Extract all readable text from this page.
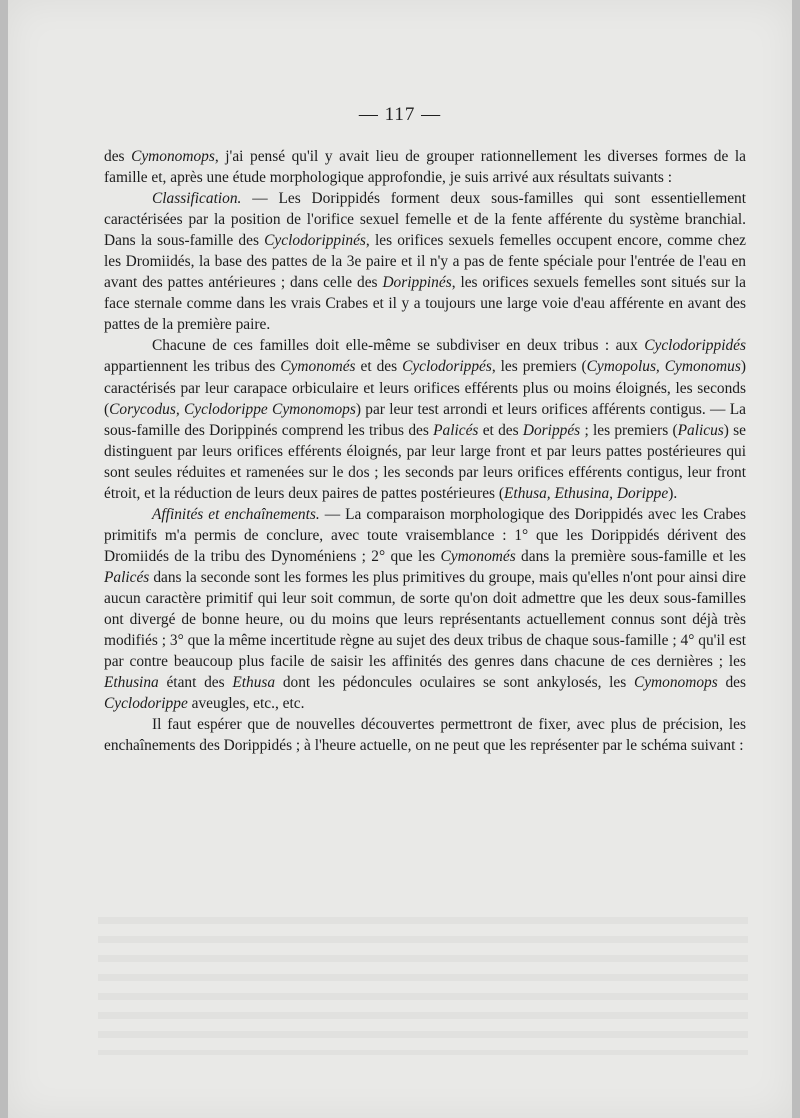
— 117 —

des Cymonomops, j'ai pensé qu'il y avait lieu de grouper rationnellement les diverses formes de la famille et, après une étude morphologique approfondie, je suis arrivé aux résultats suivants :

Classification. — Les Dorippidés forment deux sous-familles qui sont essentiellement caractérisées par la position de l'orifice sexuel femelle et de la fente afférente du système branchial. Dans la sous-famille des Cyclodorippinés, les orifices sexuels femelles occupent encore, comme chez les Dromiidés, la base des pattes de la 3e paire et il n'y a pas de fente spéciale pour l'entrée de l'eau en avant des pattes antérieures ; dans celle des Dorippinés, les orifices sexuels femelles sont situés sur la face sternale comme dans les vrais Crabes et il y a toujours une large voie d'eau afférente en avant des pattes de la première paire.

Chacune de ces familles doit elle-même se subdiviser en deux tribus : aux Cyclodorippidés appartiennent les tribus des Cymonomés et des Cyclodorippés, les premiers (Cymopolus, Cymonomus) caractérisés par leur carapace orbiculaire et leurs orifices efférents plus ou moins éloignés, les seconds (Corycodus, Cyclodorippe Cymonomops) par leur test arrondi et leurs orifices afférents contigus. — La sous-famille des Dorippinés comprend les tribus des Palicés et des Dorippés ; les premiers (Palicus) se distinguent par leurs orifices efférents éloignés, par leur large front et par leurs pattes postérieures qui sont seules réduites et ramenées sur le dos ; les seconds par leurs orifices efférents contigus, leur front étroit, et la réduction de leurs deux paires de pattes postérieures (Ethusa, Ethusina, Dorippe).

Affinités et enchaînements. — La comparaison morphologique des Dorippidés avec les Crabes primitifs m'a permis de conclure, avec toute vraisemblance : 1° que les Dorippidés dérivent des Dromiidés de la tribu des Dynoméniens ; 2° que les Cymonomés dans la première sous-famille et les Palicés dans la seconde sont les formes les plus primitives du groupe, mais qu'elles n'ont pour ainsi dire aucun caractère primitif qui leur soit commun, de sorte qu'on doit admettre que les deux sous-familles ont divergé de bonne heure, ou du moins que leurs représentants actuellement connus sont déjà très modifiés ; 3° que la même incertitude règne au sujet des deux tribus de chaque sous-famille ; 4° qu'il est par contre beaucoup plus facile de saisir les affinités des genres dans chacune de ces dernières ; les Ethusina étant des Ethusa dont les pédoncules oculaires se sont ankylosés, les Cymonomops des Cyclodorippe aveugles, etc., etc.

Il faut espérer que de nouvelles découvertes permettront de fixer, avec plus de précision, les enchaînements des Dorippidés ; à l'heure actuelle, on ne peut que les représenter par le schéma suivant :
